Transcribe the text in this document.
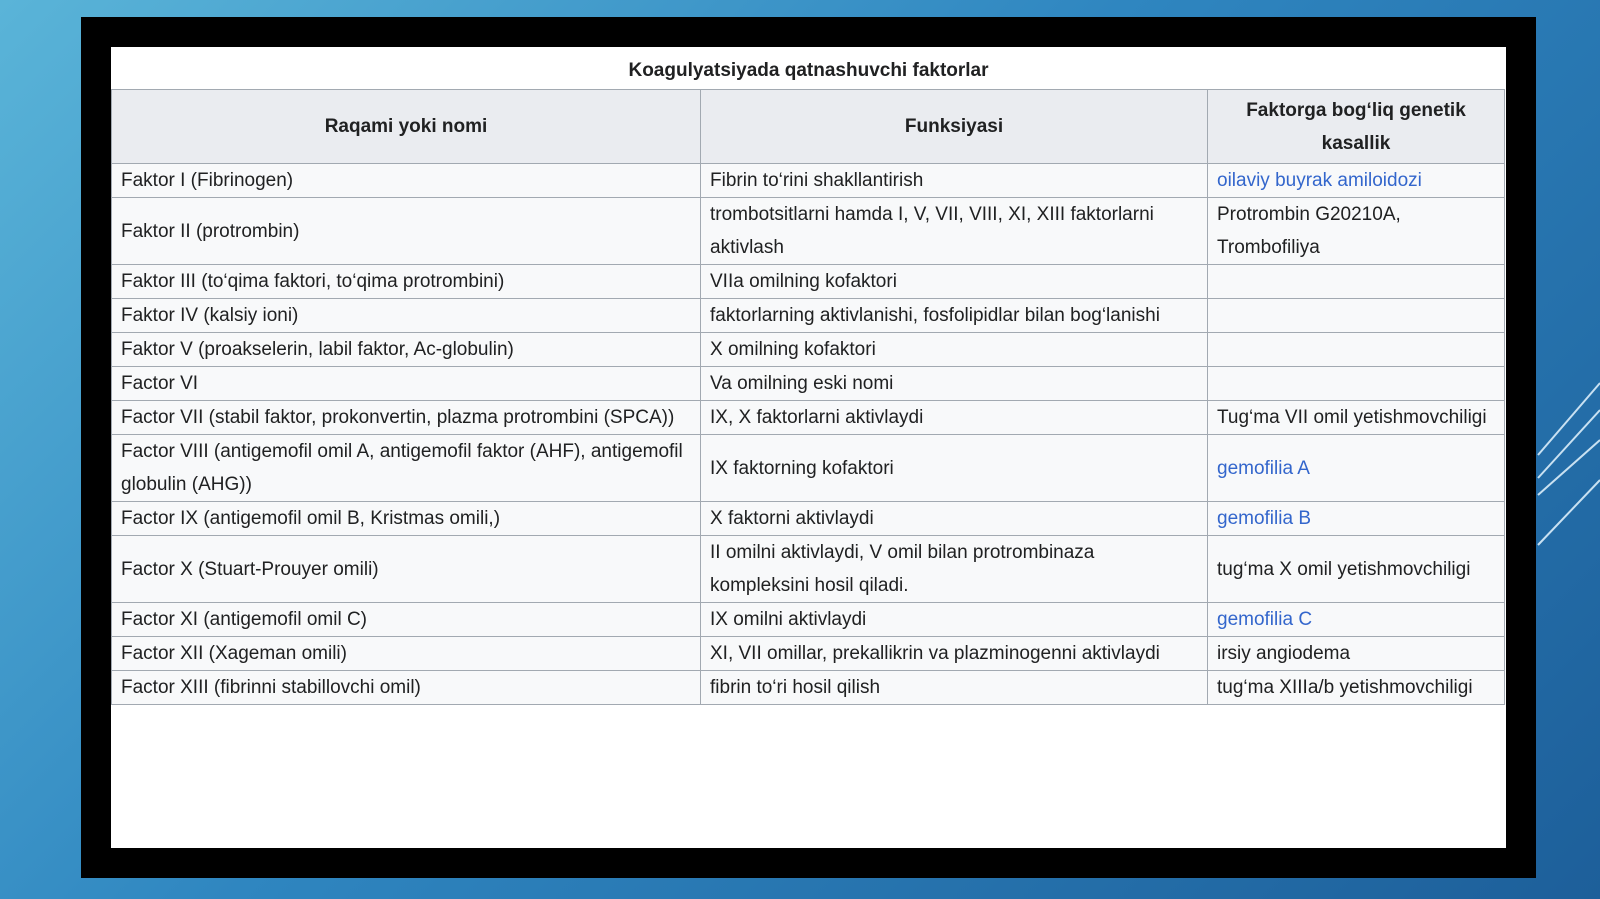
Koagulyatsiyada qatnashuvchi faktorlar
Raqami yoki nomi	Funksiyasi	Faktorga bog‘liq genetik kasallik
Faktor I (Fibrinogen)	Fibrin to‘rini shakllantirish	oilaviy buyrak amiloidozi
Faktor II (protrombin)	trombotsitlarni hamda I, V, VII, VIII, XI, XIII faktorlarni aktivlash	Protrombin G20210A, Trombofiliya
Faktor III (to‘qima faktori, to‘qima protrombini)	VIIa omilning kofaktori	
Faktor IV (kalsiy ioni)	faktorlarning aktivlanishi, fosfolipidlar bilan bog‘lanishi	
Faktor V (proakselerin, labil faktor, Ac-globulin)	X omilning kofaktori	
Factor VI	Va omilning eski nomi	
Factor VII (stabil faktor, prokonvertin, plazma protrombini (SPCA))	IX, X faktorlarni aktivlaydi	Tug‘ma VII omil yetishmovchiligi
Factor VIII (antigemofil omil A, antigemofil faktor (AHF), antigemofil globulin (AHG))	IX faktorning kofaktori	gemofilia A
Factor IX (antigemofil omil B, Kristmas omili,)	X faktorni aktivlaydi	gemofilia B
Factor X (Stuart-Prouyer omili)	II omilni aktivlaydi, V omil bilan protrombinaza kompleksini hosil qiladi.	tug‘ma X omil yetishmovchiligi
Factor XI (antigemofil omil C)	IX omilni aktivlaydi	gemofilia C
Factor XII (Xageman omili)	XI, VII omillar, prekallikrin va plazminogenni aktivlaydi	irsiy angiodema
Factor XIII (fibrinni stabillovchi omil)	fibrin to‘ri hosil qilish	tug‘ma XIIIa/b yetishmovchiligi
